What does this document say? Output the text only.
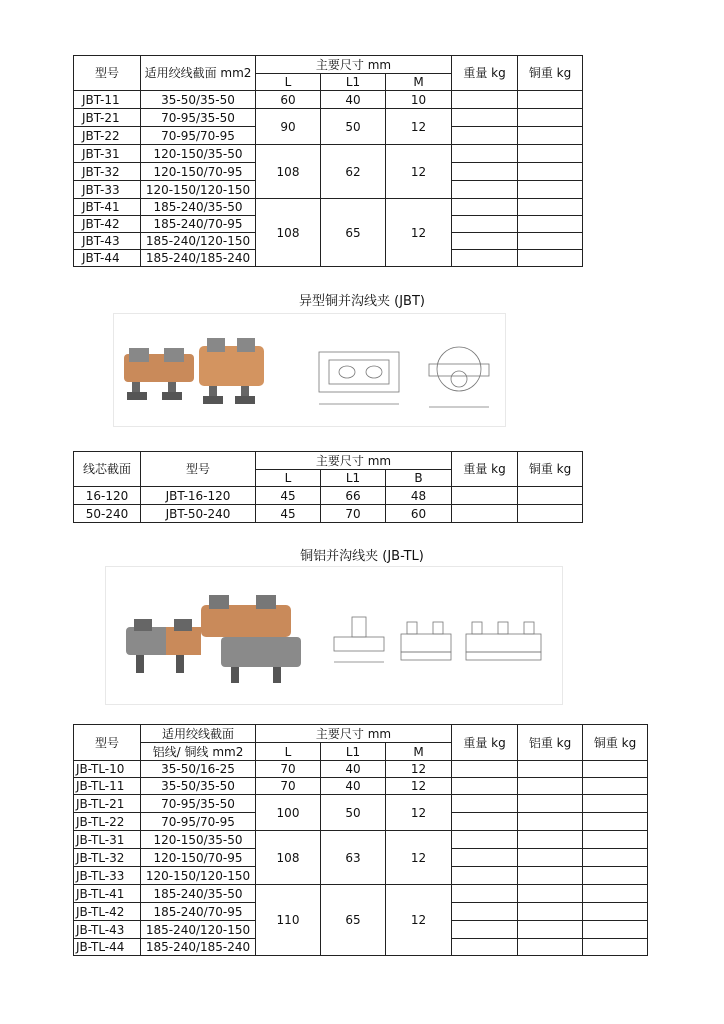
型号	适用绞线截面 mm2	主要尺寸 mm			重量 kg	铜重 kg
		L	L1	M		
JBT-11	35-50/35-50	60	40	10		
JBT-21	70-95/35-50	90	50	12		
JBT-22	70-95/70-95					
JBT-31	120-150/35-50	108	62	12		
JBT-32	120-150/70-95					
JBT-33	120-150/120-150					
JBT-41	185-240/35-50	108	65	12		
JBT-42	185-240/70-95					
JBT-43	185-240/120-150					
JBT-44	185-240/185-240					
异型铜并沟线夹 (JBT)
线芯截面	型号	主要尺寸 mm			重量 kg	铜重 kg
		L	L1	B		
16-120	JBT-16-120	45	66	48		
50-240	JBT-50-240	45	70	60		
铜铝并沟线夹 (JB-TL)
型号	适用绞线截面	主要尺寸 mm			重量 kg	铝重 kg	铜重 kg
	铝线/ 铜线 mm2	L	L1	M			
JB-TL-10	35-50/16-25	70	40	12			
JB-TL-11	35-50/35-50	70	40	12			
JB-TL-21	70-95/35-50	100	50	12			
JB-TL-22	70-95/70-95						
JB-TL-31	120-150/35-50	108	63	12			
JB-TL-32	120-150/70-95						
JB-TL-33	120-150/120-150						
JB-TL-41	185-240/35-50	110	65	12			
JB-TL-42	185-240/70-95						
JB-TL-43	185-240/120-150						
JB-TL-44	185-240/185-240						
